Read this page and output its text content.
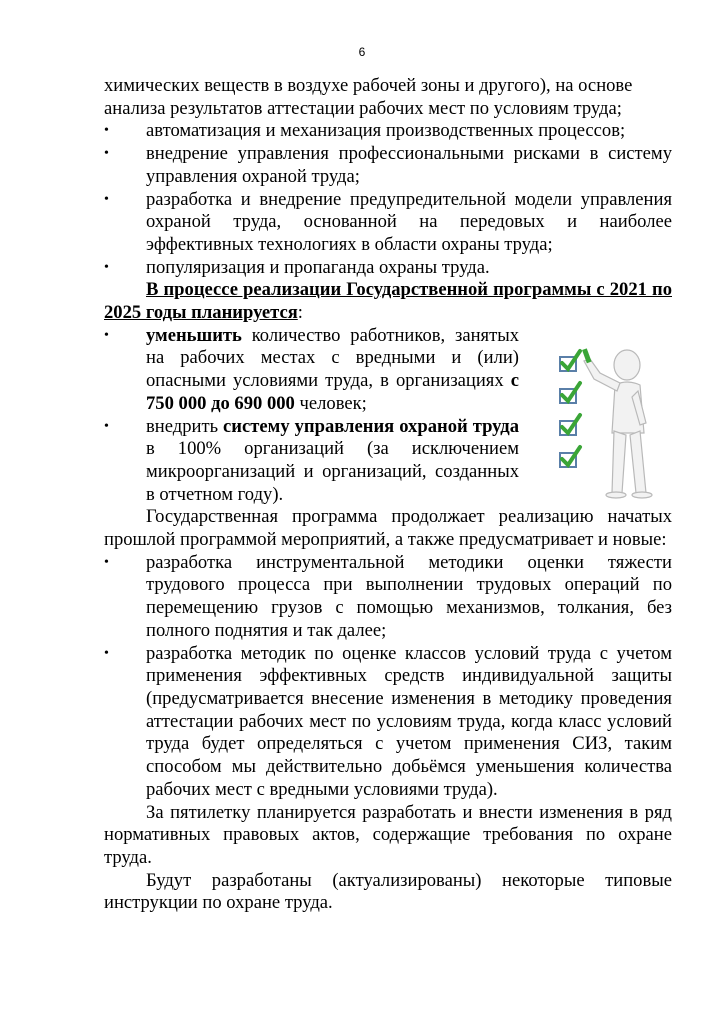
6

химических веществ в воздухе рабочей зоны и другого), на основе
анализа результатов аттестации рабочих мест по условиям труда;

•	автоматизация и механизация производственных процессов;

•	внедрение управления профессиональными рисками в систему управления охраной труда;

•	разработка и внедрение предупредительной модели управления охраной труда, основанной на передовых и наиболее эффективных технологиях в области охраны труда;

•	популяризация и пропаганда охраны труда.

В процессе реализации Государственной программы с 2021 по 2025 годы планируется:

•	уменьшить количество работников, занятых на рабочих местах с вредными и (или) опасными условиями труда, в организациях с 750 000 до 690 000 человек;

•	внедрить систему управления охраной труда в 100% организаций (за исключением микроорганизаций и организаций, созданных в отчетном году).

Государственная программа продолжает реализацию начатых прошлой программой мероприятий, а также предусматривает и новые:

•	разработка инструментальной методики оценки тяжести трудового процесса при выполнении трудовых операций по перемещению грузов с помощью механизмов, толкания, без полного поднятия и так далее;

•	разработка методик по оценке классов условий труда с учетом применения эффективных средств индивидуальной защиты (предусматривается внесение изменения в методику проведения аттестации рабочих мест по условиям труда, когда класс условий труда будет определяться с учетом применения СИЗ, таким способом мы действительно добьёмся уменьшения количества рабочих мест с вредными условиями труда).

За пятилетку планируется разработать и внести изменения в ряд нормативных правовых актов, содержащие требования по охране труда.

Будут разработаны (актуализированы) некоторые типовые инструкции по охране труда.
